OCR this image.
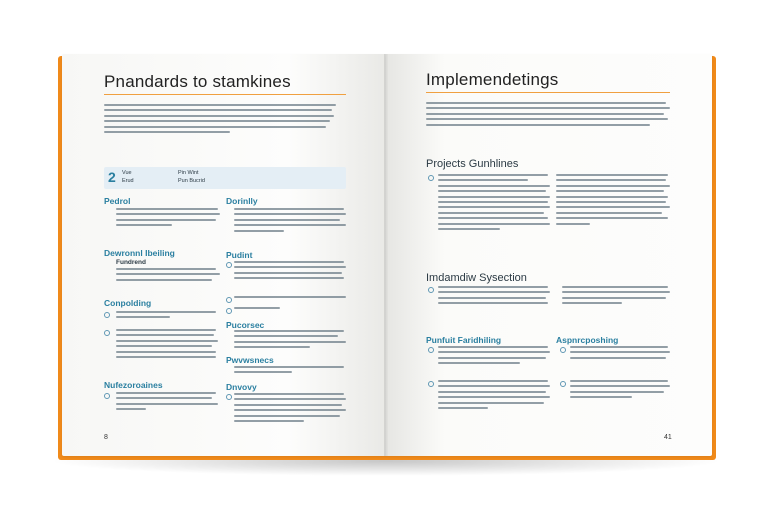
Pnandards to stamkines
2 Vue
Erud
Pin Wint
Pun Bucrid
Pedrol
Dewronnl Ibeiling
Fundrend
Conpolding
Nufezoroaines
Dorinlly
Pudint
Pucorsec
Pwvwsnecs
Dnvovy
8
Implemendetings
Projects Gunhlines
Imdamdiw Sysection
Punfuit Faridhiling	Aspnrcposhing
41
